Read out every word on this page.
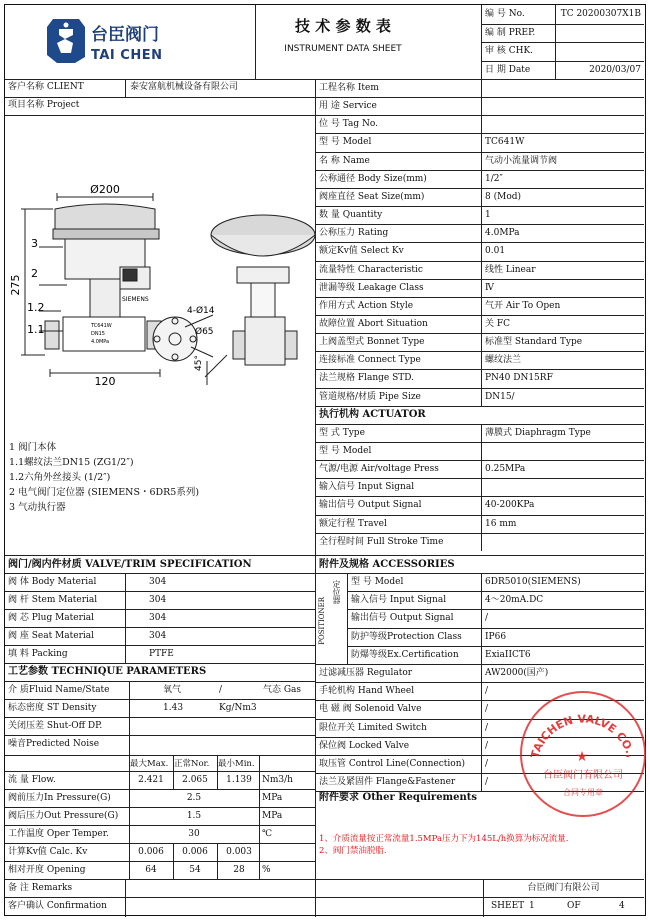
台臣阀门
TAI CHEN
技 术 参 数 表
INSTRUMENT DATA SHEET
编 号 No.	TC 20200307X1B
编 制 PREP.
审 核 CHK.
日 期 Date	2020/03/07
客户名称 CLIENT	泰安富航机械设备有限公司
项目名称 Project
Ø200
275
120
3
2
1.2
1.1
4-Ø14
Ø65
45°
SIEMENS
TC641W
DN15
4.0MPa
1 阀门本体
1.1螺纹法兰DN15 (ZG1/2″)
1.2六角外丝接头 (1/2″)
2 电气阀门定位器 (SIEMENS・6DR5系列)
3 气动执行器
工程名称 Item
用 途 Service
位 号 Tag No.
型 号 Model	TC641W
名 称 Name	气动小流量调节阀
公称通径 Body Size(mm)	1/2″
阀座直径 Seat Size(mm)	8 (Mod)
数 量 Quantity	1
公称压力 Rating	4.0MPa
额定Kv值 Select Kv	0.01
流量特性 Characteristic	线性 Linear
泄漏等级 Leakage Class	Ⅳ
作用方式 Action Style	气开 Air To Open
故障位置 Abort Situation	关 FC
上阀盖型式 Bonnet Type	标准型 Standard Type
连接标准 Connect Type	螺纹法兰
法兰规格 Flange STD.	PN40 DN15RF
管道规格/材质 Pipe Size	DN15/
执行机构 ACTUATOR
型 式 Type	薄膜式 Diaphragm Type
型 号 Model
气源/电源 Air/voltage Press	0.25MPa
输入信号 Input Signal
输出信号 Output Signal	40-200KPa
额定行程 Travel	16 mm
全行程时间 Full Stroke Time
阀门/阀内件材质 VALVE/TRIM SPECIFICATION
阀 体 Body Material	304
阀 杆 Stem Material	304
阀 芯 Plug Material	304
阀 座 Seat Material	304
填 料 Packing	PTFE
附件及规格 ACCESSORIES
型 号 Model	6DR5010(SIEMENS)
输入信号 Input Signal	4～20mA.DC
输出信号 Output Signal	/
防护等级Protection Class	IP66
防爆等级Ex.Certification	ExiaIICT6
定位器
POSITIONER
工艺参数 TECHNIQUE PARAMETERS
介 质Fluid Name/State	氧气	/	气态 Gas
标态密度 ST Density	1.43	Kg/Nm3
关闭压差 Shut-Off DP.
噪音Predicted Noise
最大Max. 正常Nor. 最小Min.
流 量 Flow.	2.421	2.065	1.139	Nm3/h
阀前压力In Pressure(G)	2.5	MPa
阀后压力Out Pressure(G)	1.5	MPa
工作温度 Oper Temper.	30	℃
计算Kv值 Calc. Kv	0.006	0.006	0.003
相对开度 Opening	64	54	28	%
过滤减压器 Regulator	AW2000(国产)
手轮机构 Hand Wheel	/
电 磁 阀 Solenoid Valve	/
限位开关 Limited Switch	/
保位阀 Locked Valve	/
取压管 Control Line(Connection) /
法兰及紧固件 Flange&Fastener	/
附件要求 Other Requirements
1、介质流量按正常流量1.5MPa压力下为145L/h换算为标况流量.
2、阀门禁油脱脂.
备 注 Remarks
客户确认 Confirmation
台臣阀门有限公司
SHEET 1	OF	4
TAICHEN VALVE CO.,
★
台臣阀门有限公司
合同专用章
